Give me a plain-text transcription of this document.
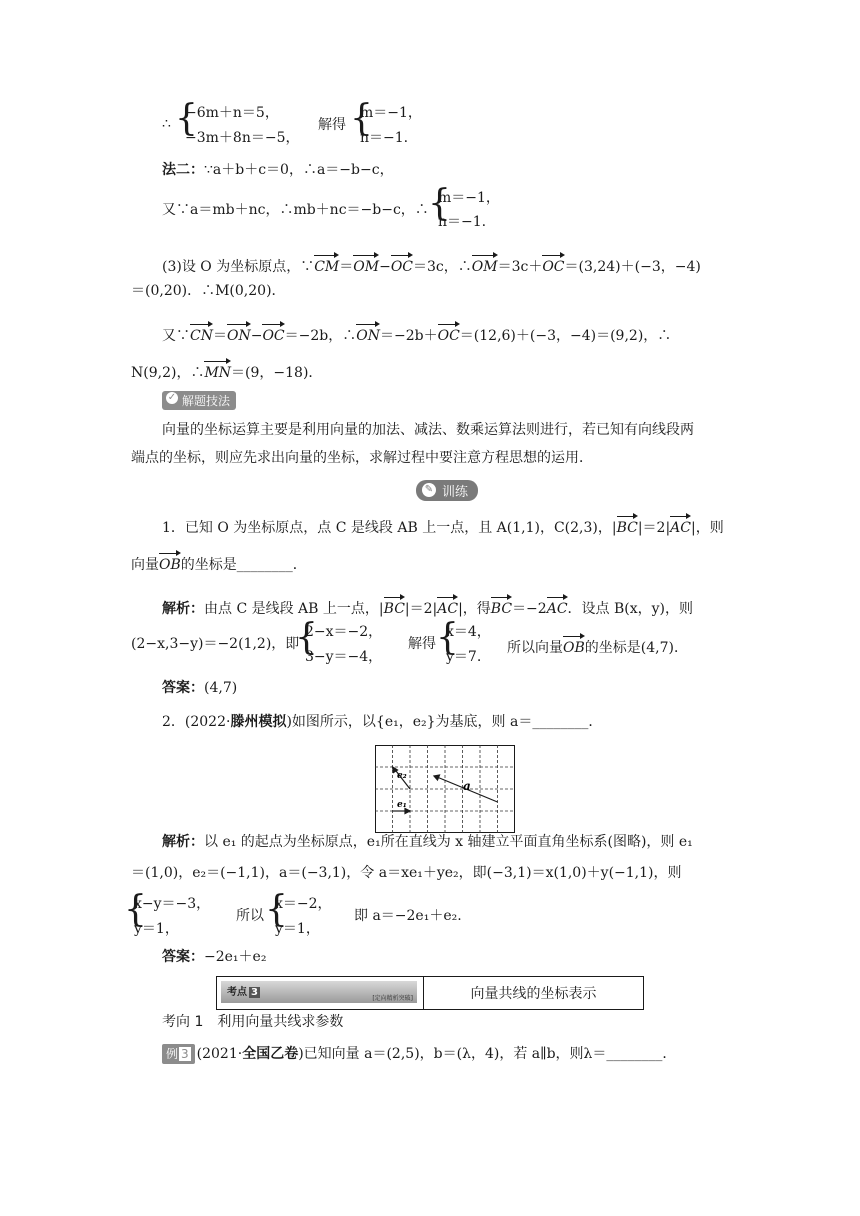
∴ {
−6m＋n＝5，
−3m＋8n＝−5，
解得 {
m＝−1，
n＝−1.
法二：∵a＋b＋c＝0，∴a＝−b−c，
又∵a＝mb＋nc，∴mb＋nc＝−b−c，∴ {
m＝−1，
n＝−1.
(3)设 O 为坐标原点，∵CM＝OM−OC＝3c，∴OM＝3c＋OC＝(3,24)＋(−3，−4)
＝(0,20)．∴M(0,20)．
又∵CN＝ON−OC＝−2b，∴ON＝−2b＋OC＝(12,6)＋(−3，−4)＝(9,2)，∴
N(9,2)，∴MN＝(9，−18)．
✓ 解题技法
向量的坐标运算主要是利用向量的加法、减法、数乘运算法则进行，若已知有向线段两
端点的坐标，则应先求出向量的坐标，求解过程中要注意方程思想的运用．
✎ 训练
1．已知 O 为坐标原点，点 C 是线段 AB 上一点，且 A(1,1)，C(2,3)，|BC|＝2|AC|，则
向量OB的坐标是________．
解析：由点 C 是线段 AB 上一点，|BC|＝2|AC|，得BC＝−2AC．设点 B(x，y)，则
(2−x,3−y)＝−2(1,2)，即
{
2−x＝−2，
3−y＝−4，
解得 {
x＝4，
y＝7.
所以向量OB的坐标是(4,7)．
答案：(4,7)
2．(2022·滕州模拟)如图所示，以{e₁，e₂}为基底，则 a＝________．
e₂
a
e₁
解析：以 e₁ 的起点为坐标原点，e₁所在直线为 x 轴建立平面直角坐标系(图略)，则 e₁
＝(1,0)，e₂＝(−1,1)，a＝(−3,1)，令 a＝xe₁＋ye₂，即(−3,1)＝x(1,0)＋y(−1,1)，则
{
x−y＝−3，
y＝1，
所以 {
x＝−2，
y＝1，
即 a＝−2e₁＋e₂.
答案：−2e₁＋e₂
考点 3
[定向精析突破]	向量共线的坐标表示
考向 1　利用向量共线求参数
例 3 (2021·全国乙卷)已知向量 a＝(2,5)，b＝(λ，4)，若 a∥b，则λ＝________．
